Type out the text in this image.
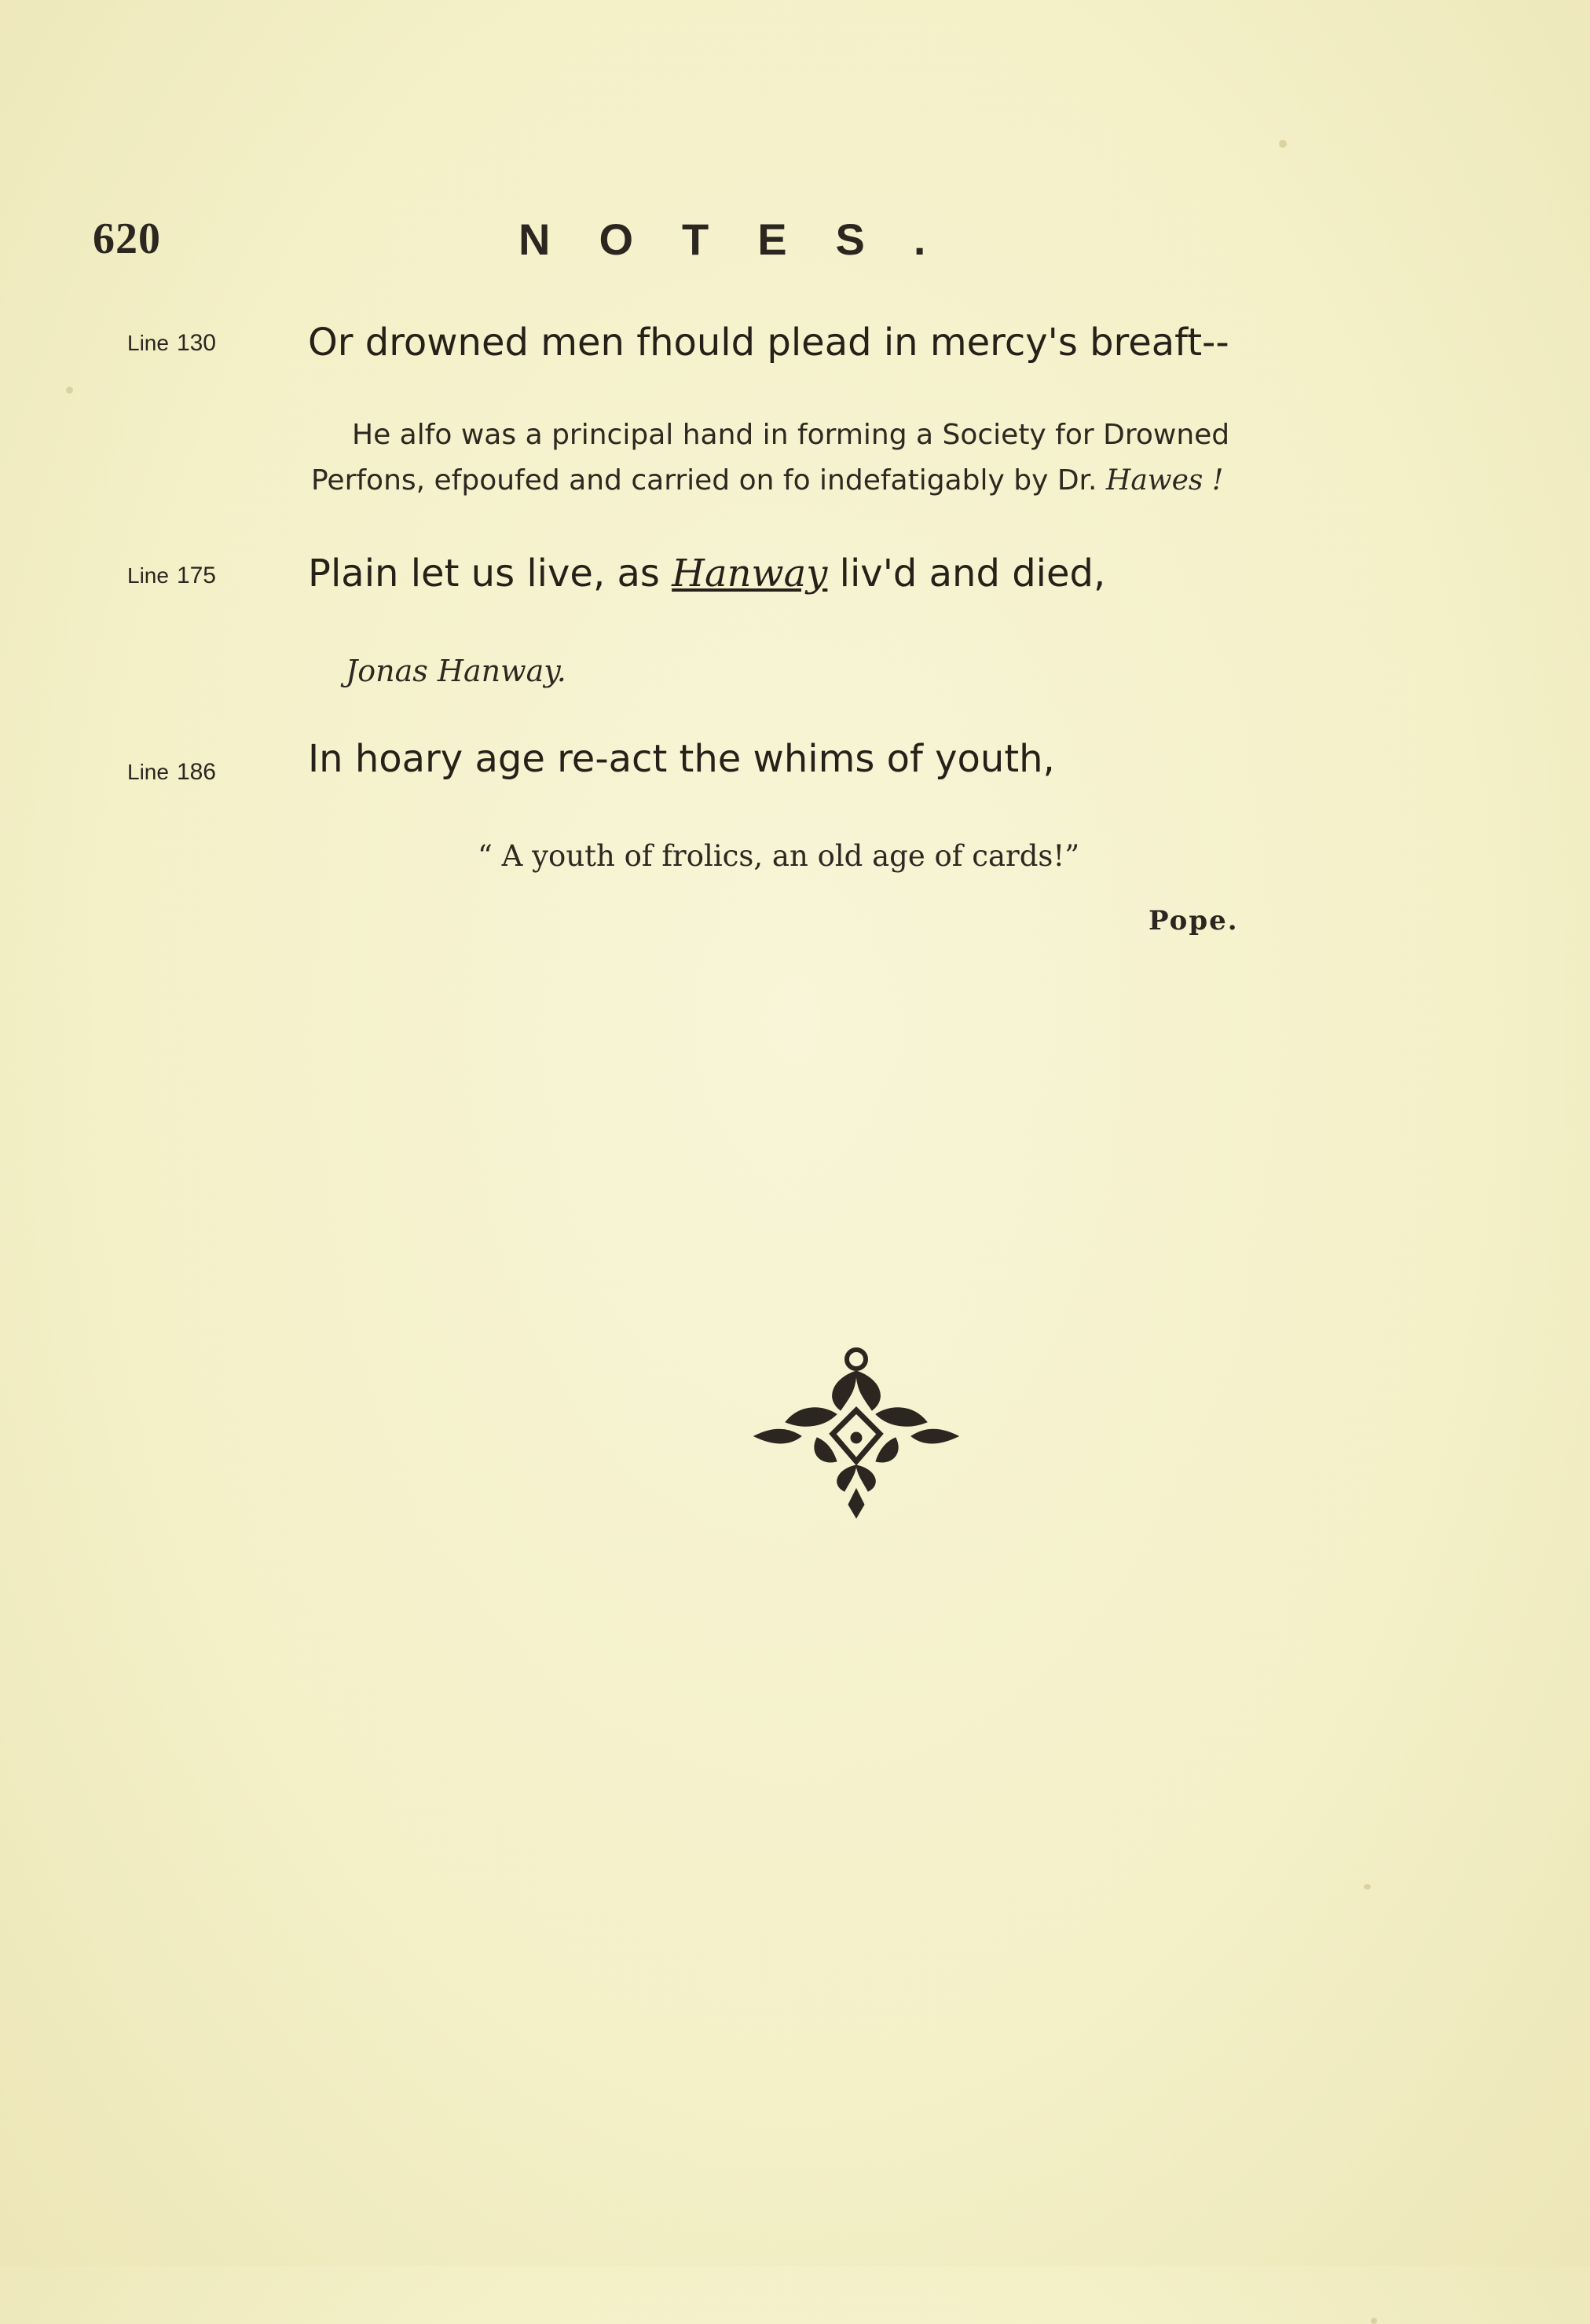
620	NOTES.
Line 130 Or drowned men fhould plead in mercy's breaft--
He alfo was a principal hand in forming a Society for Drowned
Perfons, efpoufed and carried on fo indefatigably by Dr. Hawes !
Line 175 Plain let us live, as Hanway liv'd and died,
Jonas Hanway.
Line 186 In hoary age re-act the whims of youth,
“ A youth of frolics, an old age of cards!”
Pope.
